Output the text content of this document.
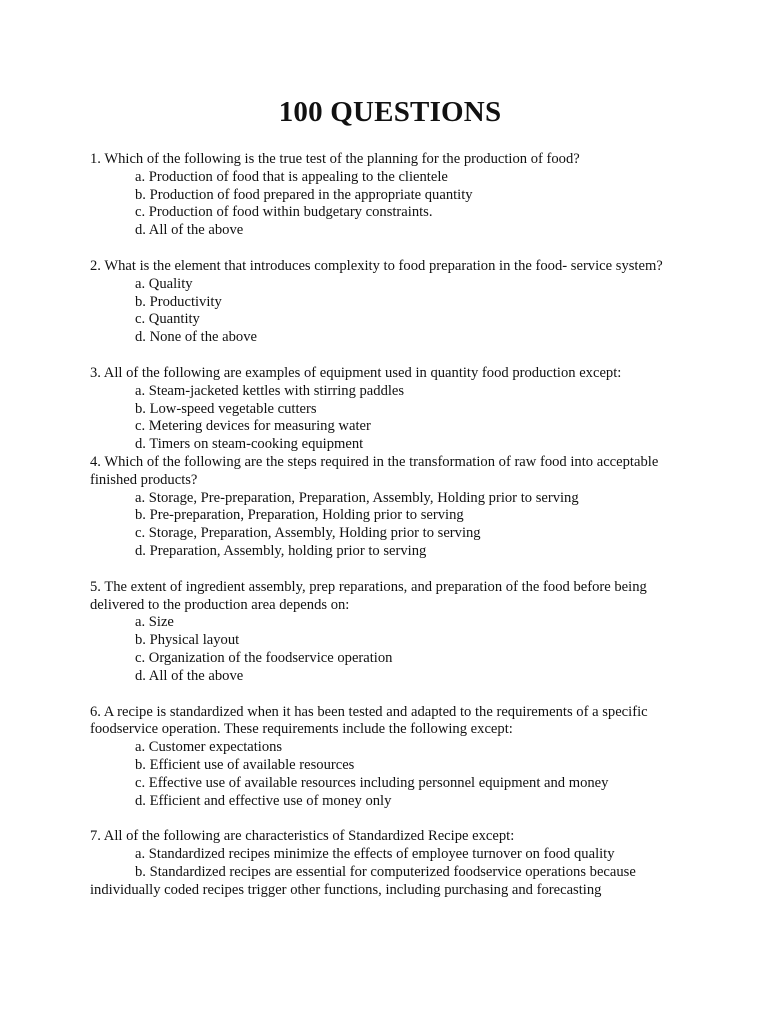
100 QUESTIONS

1. Which of the following is the true test of the planning for the production of food?

a. Production of food that is appealing to the clientele

b. Production of food prepared in the appropriate quantity

c. Production of food within budgetary constraints.

d. All of the above

2. What is the element that introduces complexity to food preparation in the food- service system?

a. Quality

b. Productivity

c. Quantity

d. None of the above

3. All of the following are examples of equipment used in quantity food production except:

a. Steam-jacketed kettles with stirring paddles

b. Low-speed vegetable cutters

c. Metering devices for measuring water

d. Timers on steam-cooking equipment

4. Which of the following are the steps required in the transformation of raw food into acceptable finished products?

a. Storage, Pre-preparation, Preparation, Assembly, Holding prior to serving

b. Pre-preparation, Preparation, Holding prior to serving

c. Storage, Preparation, Assembly, Holding prior to serving

d. Preparation, Assembly, holding prior to serving

5. The extent of ingredient assembly, prep reparations, and preparation of the food before being delivered to the production area depends on:

a. Size

b. Physical layout

c. Organization of the foodservice operation

d. All of the above

6. A recipe is standardized when it has been tested and adapted to the requirements of a specific foodservice operation. These requirements include the following except:

a. Customer expectations

b. Efficient use of available resources

c. Effective use of available resources including personnel equipment and money

d. Efficient and effective use of money only

7. All of the following are characteristics of Standardized Recipe except:

a. Standardized recipes minimize the effects of employee turnover on food quality

b. Standardized recipes are essential for computerized foodservice operations because individually coded recipes trigger other functions, including purchasing and forecasting
